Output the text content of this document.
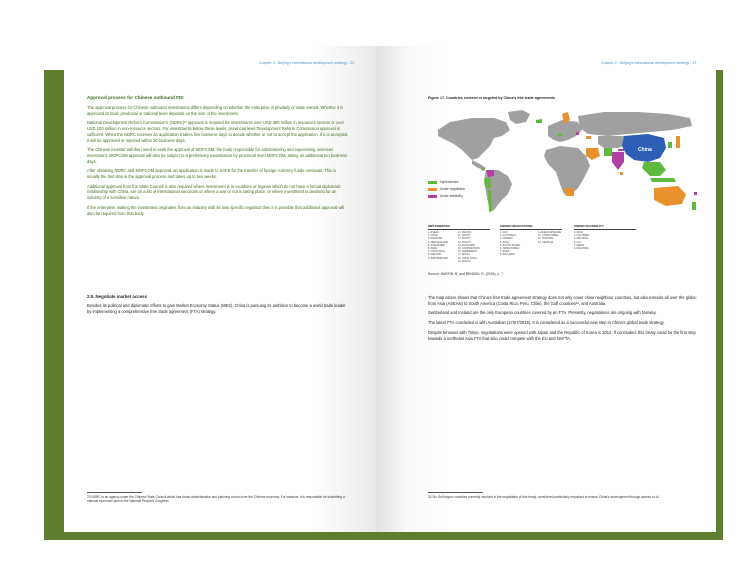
Chapter 2 - Beijing's international development strategy - 22
Approval process for Chinese outbound FDI

The approval process for Chinese outbound investments differs depending on whether the enterprise is privately or state owned. Whether it is approved at local, provincial or national level depends on the size of the investment.

National Development Reform Commission's (NDRC)²³ approval is required for investments over USD 300 million in resources sectors or over USD 100 million in non-resource sectors. For investments below these levels, provincial level Development Reform Commission approval is sufficient. When the NDRC receives an application it takes five business days to decide whether or not to accept the application. If it is accepted, it will be approved or rejected within 20 business days.

The Chinese investor will then need to seek the approval of MOFCOM, the body responsible for administering and supervising overseas investment. MOFCOM approval will also be subject to a preliminary examination by provincial level MOFCOM, taking an additional ten business days.

After obtaining NDRC and MOFCOM approval, an application is made to SAFE for the transfer of foreign currency funds overseas. This is usually the last step in the approval process and takes up to two weeks.

Additional approval from the State Council is also required where investment is in countries or regions which do not have a formal diplomatic relationship with China, are on a list of international sanctions or where a war or riot is taking place, or where investment is destined for an industry of a sensitive nature.

If the enterprise making the investment originates from an industry with its own specific regulator then it is possible that additional approval will also be required from that body.

2.5. Negotiate market access

Besides its political and diplomatic efforts to gain Market Economy Status (MES), China is pursuing its ambition to become a world trade leader by implementing a comprehensive free trade agreement (FTA) strategy.

23 NDRC is an agency under the Chinese State Council which has broad administrative and planning control over the Chinese economy. For instance, it is responsible for submitting a national economic plan to the National People's Congress.
Chapter 2 - Beijing's international development strategy - 23
Figure 17. Countries covered or targeted by China's free trade agreements
China
Implemented
Under negotiation
Under feasibility
IMPLEMENTED	UNDER NEGOCIATION	UNDER FEASIBILITY
1. ASEAN
2. CHILE
3. PAKISTAN
4. NEW ZEALAND
5. SINGAPORE
6. PERU
7. COSTA RICA
8. ICELAND
9. SWITZERLAND
10. PACIFIC
11. SOUTH
12. SOUTH
13. SOUTH
14. ECONOMIC
15. COOPERATION
16. AGREEMENT
17. (ECFA)
18. HONG KONG
19. MACAU
1. GCC
2. AUSTRALIA
3. NORWAY
4. SACU
5. SOUTH KOREA
6. JAPAN-KOREA
7. RCEP
8. SRI LANKA
9. ASEAN UPGRADE
10. CHINA-KOREA
11. PAKISTAN
12. GEORGIA
1. INDIA
2. COLOMBIA
3. MOLDOVA
4. FIJI
5. NEPAL
6. MALDIVES
Source: BARFIN, B. and BENDINI, R. (2016), p. 7.

The map above shows that China's free trade agreement strategy does not only cover close neighbour countries, but also extends all over the globe: from Asia (ASEAN) to South America (Costa Rica, Peru, Chile), the Gulf countries²⁴, and Australia.

Switzerland and Iceland are the only European countries covered by an FTA. Presently, negotiations are ongoing with Norway.

The latest FTA concluded is with Australian (17/07/2015). It is considered as a successful new step in China's global trade strategy.

Despite tensions with Tokyo, negotiations were opened with Japan and the Republic of Korea in 2012. If concluded, this treaty could be the first step towards a northeast Asia FTA that also could compete with the EU and NAFTA.

24 Six Gulf region countries currently involved in the negotiation of this treaty, considered particularly important to ensure China's development through access to oil.
